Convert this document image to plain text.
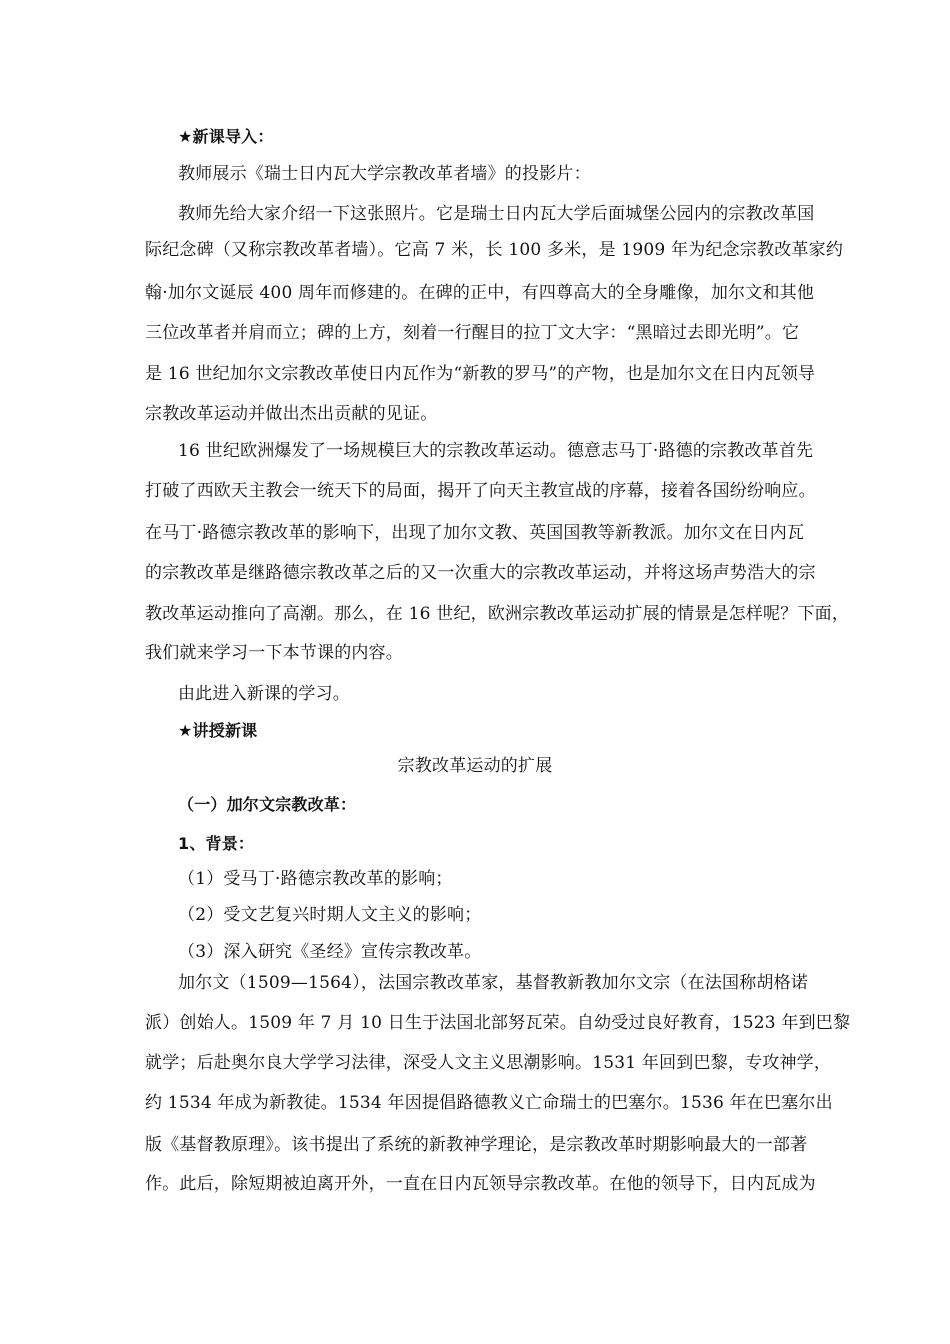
★新课导入：
教师展示《瑞士日内瓦大学宗教改革者墙》的投影片：
教师先给大家介绍一下这张照片。它是瑞士日内瓦大学后面城堡公园内的宗教改革国
际纪念碑（又称宗教改革者墙）。它高 7 米，长 100 多米，是 1909 年为纪念宗教改革家约
翰·加尔文诞辰 400 周年而修建的。在碑的正中，有四尊高大的全身雕像，加尔文和其他
三位改革者并肩而立；碑的上方，刻着一行醒目的拉丁文大字：“黑暗过去即光明”。它
是 16 世纪加尔文宗教改革使日内瓦作为“新教的罗马”的产物，也是加尔文在日内瓦领导
宗教改革运动并做出杰出贡献的见证。
16 世纪欧洲爆发了一场规模巨大的宗教改革运动。德意志马丁·路德的宗教改革首先
打破了西欧天主教会一统天下的局面，揭开了向天主教宣战的序幕，接着各国纷纷响应。
在马丁·路德宗教改革的影响下，出现了加尔文教、英国国教等新教派。加尔文在日内瓦
的宗教改革是继路德宗教改革之后的又一次重大的宗教改革运动，并将这场声势浩大的宗
教改革运动推向了高潮。那么，在 16 世纪，欧洲宗教改革运动扩展的情景是怎样呢？下面，
我们就来学习一下本节课的内容。
由此进入新课的学习。
★讲授新课
宗教改革运动的扩展
（一）加尔文宗教改革：
1、背景：
（1）受马丁·路德宗教改革的影响；
（2）受文艺复兴时期人文主义的影响；
（3）深入研究《圣经》宣传宗教改革。
加尔文（1509—1564），法国宗教改革家，基督教新教加尔文宗（在法国称胡格诺
派）创始人。1509 年 7 月 10 日生于法国北部努瓦荣。自幼受过良好教育，1523 年到巴黎
就学；后赴奥尔良大学学习法律，深受人文主义思潮影响。1531 年回到巴黎，专攻神学，
约 1534 年成为新教徒。1534 年因提倡路德教义亡命瑞士的巴塞尔。1536 年在巴塞尔出
版《基督教原理》。该书提出了系统的新教神学理论，是宗教改革时期影响最大的一部著
作。此后，除短期被迫离开外，一直在日内瓦领导宗教改革。在他的领导下，日内瓦成为
